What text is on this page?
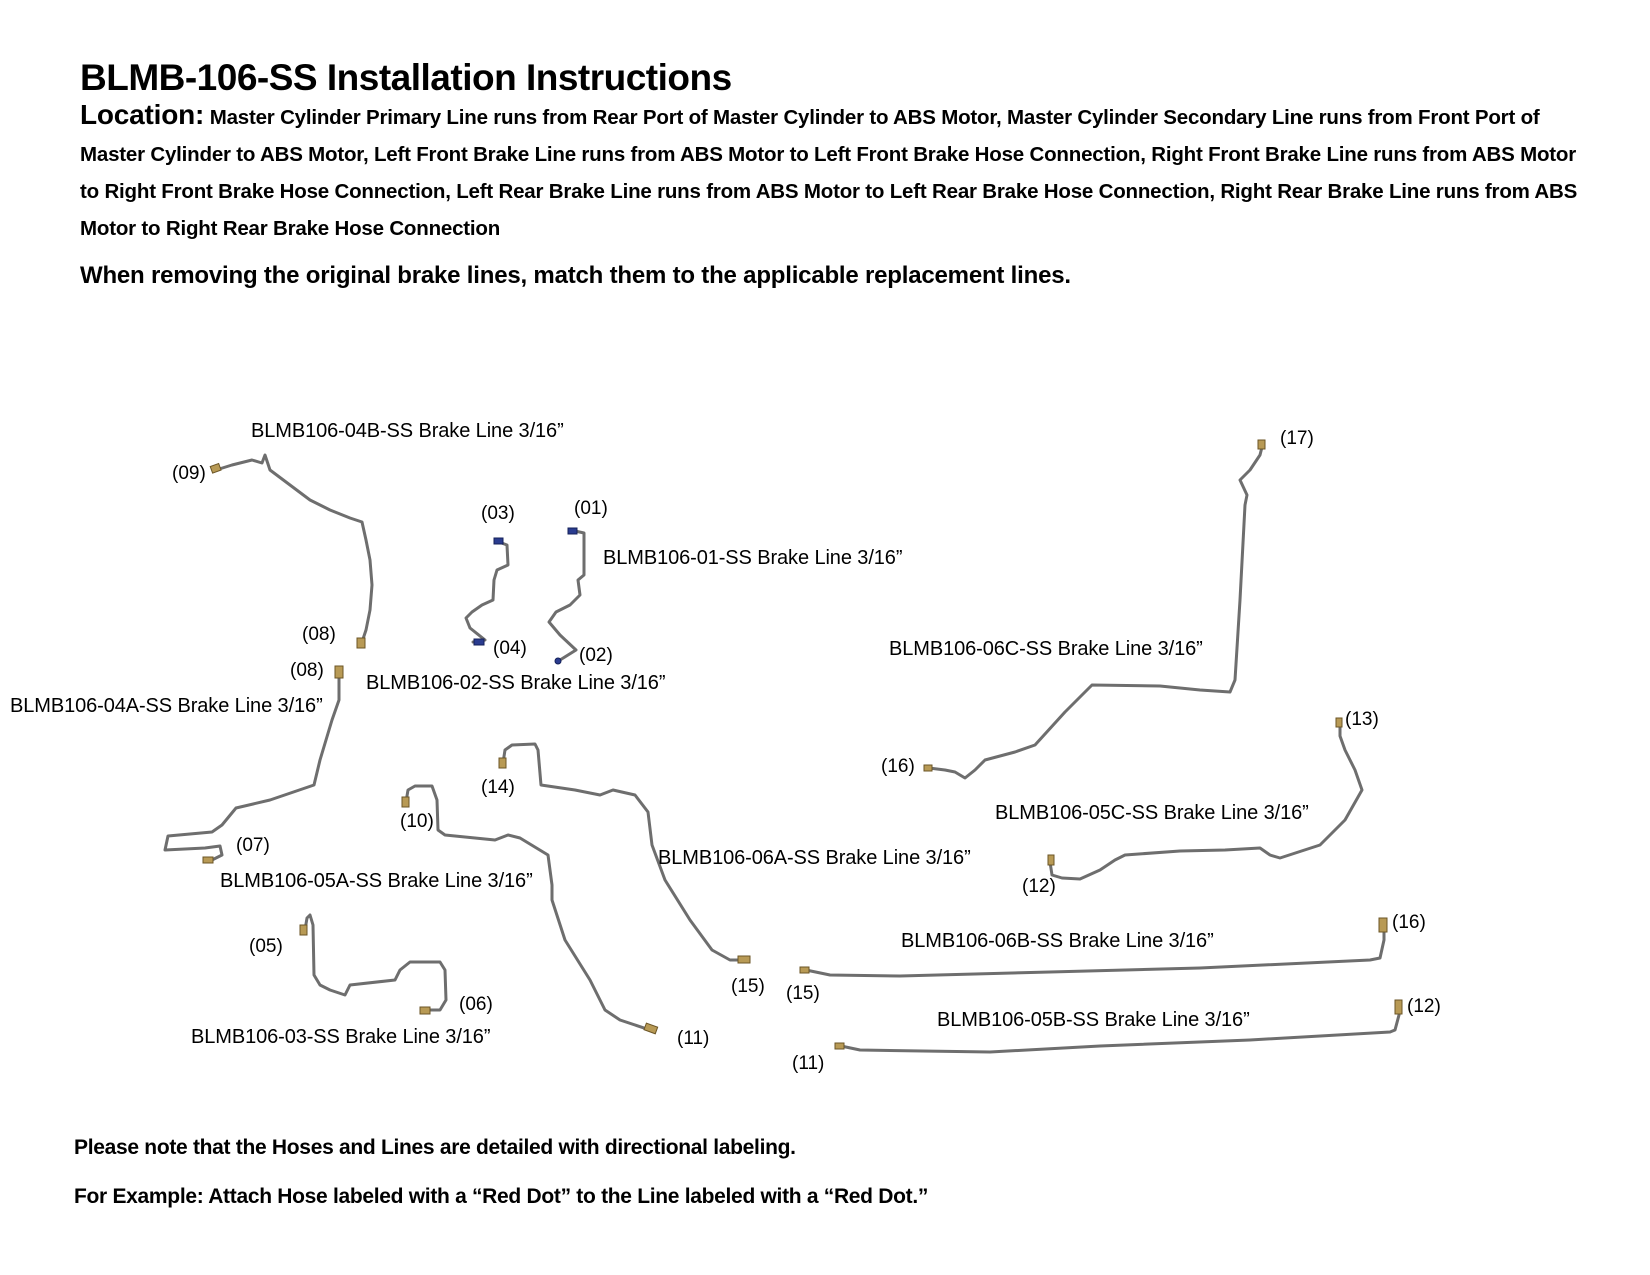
BLMB-106-SS Installation Instructions
Location: Master Cylinder Primary Line runs from Rear Port of Master Cylinder to ABS Motor, Master Cylinder Secondary Line runs from Front Port of Master Cylinder to ABS Motor, Left Front Brake Line runs from ABS Motor to Left Front Brake Hose Connection, Right Front Brake Line runs from ABS Motor to Right Front Brake Hose Connection, Left Rear Brake Line runs from ABS Motor to Left Rear Brake Hose Connection, Right Rear Brake Line runs from ABS Motor to Right Rear Brake Hose Connection
When removing the original brake lines, match them to the applicable replacement lines.
BLMB106-04B-SS Brake Line 3/16”
BLMB106-01-SS Brake Line 3/16”
BLMB106-02-SS Brake Line 3/16”
BLMB106-04A-SS Brake Line 3/16”
BLMB106-05A-SS Brake Line 3/16”
BLMB106-03-SS Brake Line 3/16”
BLMB106-06A-SS Brake Line 3/16”
BLMB106-06C-SS Brake Line 3/16”
BLMB106-05C-SS Brake Line 3/16”
BLMB106-06B-SS Brake Line 3/16”
BLMB106-05B-SS Brake Line 3/16”
(09)
(08)
(08)
(03)	(01)
(04)	(02)
(07)
(14)
(10)
(05)
(06)
(11)
(15) (15)
(11)
(17)
(16)
(13)
(12)
(16)
(12)
Please note that the Hoses and Lines are detailed with directional labeling.
For Example: Attach Hose labeled with a “Red Dot” to the Line labeled with a “Red Dot.”
